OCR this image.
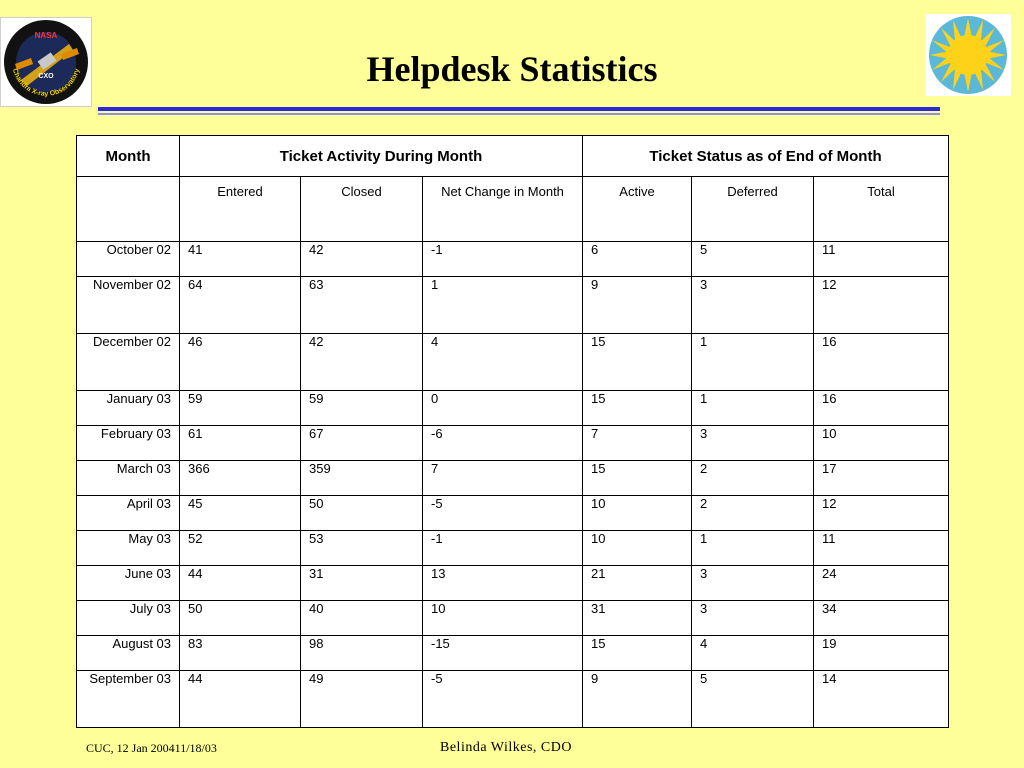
NASA
CXO
Chandra X-ray Observatory	Helpdesk Statistics
Month	Ticket Activity During Month			Ticket Status as of End of Month		
	Entered	Closed	Net Change in Month	Active	Deferred	Total
October 02	41	42	-1	6	5	11
November 02	64	63	1	9	3	12
December 02	46	42	4	15	1	16
January 03	59	59	0	15	1	16
February 03	61	67	-6	7	3	10
March 03	366	359	7	15	2	17
April 03	45	50	-5	10	2	12
May 03	52	53	-1	10	1	11
June 03	44	31	13	21	3	24
July 03	50	40	10	31	3	34
August 03	83	98	-15	15	4	19
September 03	44	49	-5	9	5	14
CUC, 12 Jan 200411/18/03	Belinda Wilkes, CDO
